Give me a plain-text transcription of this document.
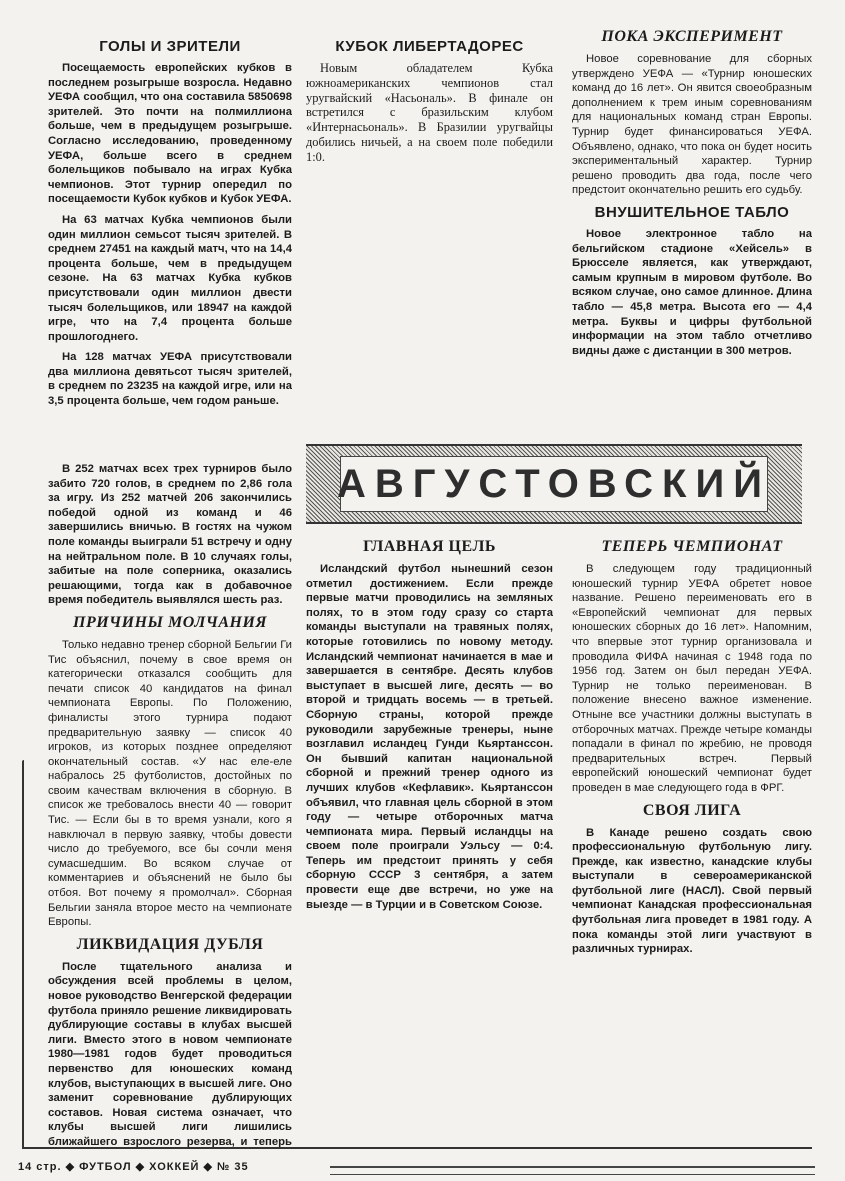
ГОЛЫ И ЗРИТЕЛИ

Посещаемость европейских кубков в последнем розыгрыше возросла. Недавно УЕФА сообщил, что она составила 5850698 зрителей. Это почти на полмиллиона больше, чем в предыдущем розыгрыше. Согласно исследованию, проведенному УЕФА, больше всего в среднем болельщиков побывало на играх Кубка чемпионов. Этот турнир опередил по посещаемости Кубок кубков и Кубок УЕФА.

На 63 матчах Кубка чемпионов были один миллион семьсот тысяч зрителей. В среднем 27451 на каждый матч, что на 14,4 процента больше, чем в предыдущем сезоне. На 63 матчах Кубка кубков присутствовали один миллион двести тысяч болельщиков, или 18947 на каждой игре, что на 7,4 процента больше прошлогоднего.

На 128 матчах УЕФА присутствовали два миллиона девятьсот тысяч зрителей, в среднем по 23235 на каждой игре, или на 3,5 процента больше, чем годом раньше.

В 252 матчах всех трех турниров было забито 720 голов, в среднем по 2,86 гола за игру. Из 252 матчей 206 закончились победой одной из команд и 46 завершились вничью. В гостях на чужом поле команды выиграли 51 встречу и одну на нейтральном поле. В 10 случаях голы, забитые на поле соперника, оказались решающими, тогда как в добавочное время победитель выявлялся шесть раз.

ПРИЧИНЫ МОЛЧАНИЯ

Только недавно тренер сборной Бельгии Ги Тис объяснил, почему в свое время он категорически отказался сообщить для печати список 40 кандидатов на финал чемпионата Европы. По Положению, финалисты этого турнира подают предварительную заявку — список 40 игроков, из которых позднее определяют окончательный состав. «У нас еле-еле набралось 25 футболистов, достойных по своим качествам включения в сборную. В список же требовалось внести 40 — говорит Тис. — Если бы в то время узнали, кого я навключал в первую заявку, чтобы довести число до требуемого, все бы сочли меня сумасшедшим. Во всяком случае от комментариев и объяснений не было бы отбоя. Вот почему я промолчал». Сборная Бельгии заняла второе место на чемпионате Европы.

ЛИКВИДАЦИЯ ДУБЛЯ

После тщательного анализа и обсуждения всей проблемы в целом, новое руководство Венгерской федерации футбола приняло решение ликвидировать дублирующие составы в клубах высшей лиги. Вместо этого в новом чемпионате 1980—1981 годов будет проводиться первенство для юношеских команд клубов, выступающих в высшей лиге. Оно заменит соревнование дублирующих составов. Новая система означает, что клубы высшей лиги лишились ближайшего взрослого резерва, и теперь

КУБОК ЛИБЕРТАДОРЕС

Новым обладателем Кубка южноамериканских чемпионов стал уругвайский «Насьональ». В финале он встретился с бразильским клубом «Интернасьональ». В Бразилии уругвайцы добились ничьей, а на своем поле победили 1:0.

ГЛАВНАЯ ЦЕЛЬ

Исландский футбол нынешний сезон отметил достижением. Если прежде первые матчи проводились на земляных полях, то в этом году сразу со старта команды выступали на травяных полях, которые готовились по новому методу. Исландский чемпионат начинается в мае и завершается в сентябре. Десять клубов выступает в высшей лиге, десять — во второй и тридцать восемь — в третьей. Сборную страны, которой прежде руководили зарубежные тренеры, ныне возглавил исландец Гунди Кьяртанссон. Он бывший капитан национальной сборной и прежний тренер одного из лучших клубов «Кефлавик». Кьяртанссон объявил, что главная цель сборной в этом году — четыре отборочных матча чемпионата мира. Первый исландцы на своем поле проиграли Уэльсу — 0:4. Теперь им предстоит принять у себя сборную СССР 3 сентября, а затем провести еще две встречи, но уже на выезде — в Турции и в Советском Союзе.

ПОКА ЭКСПЕРИМЕНТ

Новое соревнование для сборных утверждено УЕФА — «Турнир юношеских команд до 16 лет». Он явится своеобразным дополнением к трем иным соревнованиям для национальных команд стран Европы. Турнир будет финансироваться УЕФА. Объявлено, однако, что пока он будет носить экспериментальный характер. Турнир решено проводить два года, после чего предстоит окончательно решить его судьбу.

ВНУШИТЕЛЬНОЕ ТАБЛО

Новое электронное табло на бельгийском стадионе «Хейсель» в Брюсселе является, как утверждают, самым крупным в мировом футболе. Во всяком случае, оно самое длинное. Длина табло — 45,8 метра. Высота его — 4,4 метра. Буквы и цифры футбольной информации на этом табло отчетливо видны даже с дистанции в 300 метров.

ТЕПЕРЬ ЧЕМПИОНАТ

В следующем году традиционный юношеский турнир УЕФА обретет новое название. Решено переименовать его в «Европейский чемпионат для первых юношеских сборных до 16 лет». Напомним, что впервые этот турнир организовала и проводила ФИФА начиная с 1948 года по 1956 год. Затем он был передан УЕФА. Турнир не только переименован. В положение внесено важное изменение. Отныне все участники должны выступать в отборочных матчах. Прежде четыре команды попадали в финал по жребию, не проводя предварительных встреч. Первый европейский юношеский чемпионат будет проведен в мае следующего года в ФРГ.

СВОЯ ЛИГА

В Канаде решено создать свою профессиональную футбольную лигу. Прежде, как известно, канадские клубы выступали в североамериканской футбольной лиге (НАСЛ). Свой первый чемпионат Канадская профессиональная футбольная лига проведет в 1981 году. А пока команды этой лиги участвуют в различных турнирах.

АВГУСТОВСКИЙ
14 стр. ◆ ФУТБОЛ ◆ ХОККЕЙ ◆ № 35
